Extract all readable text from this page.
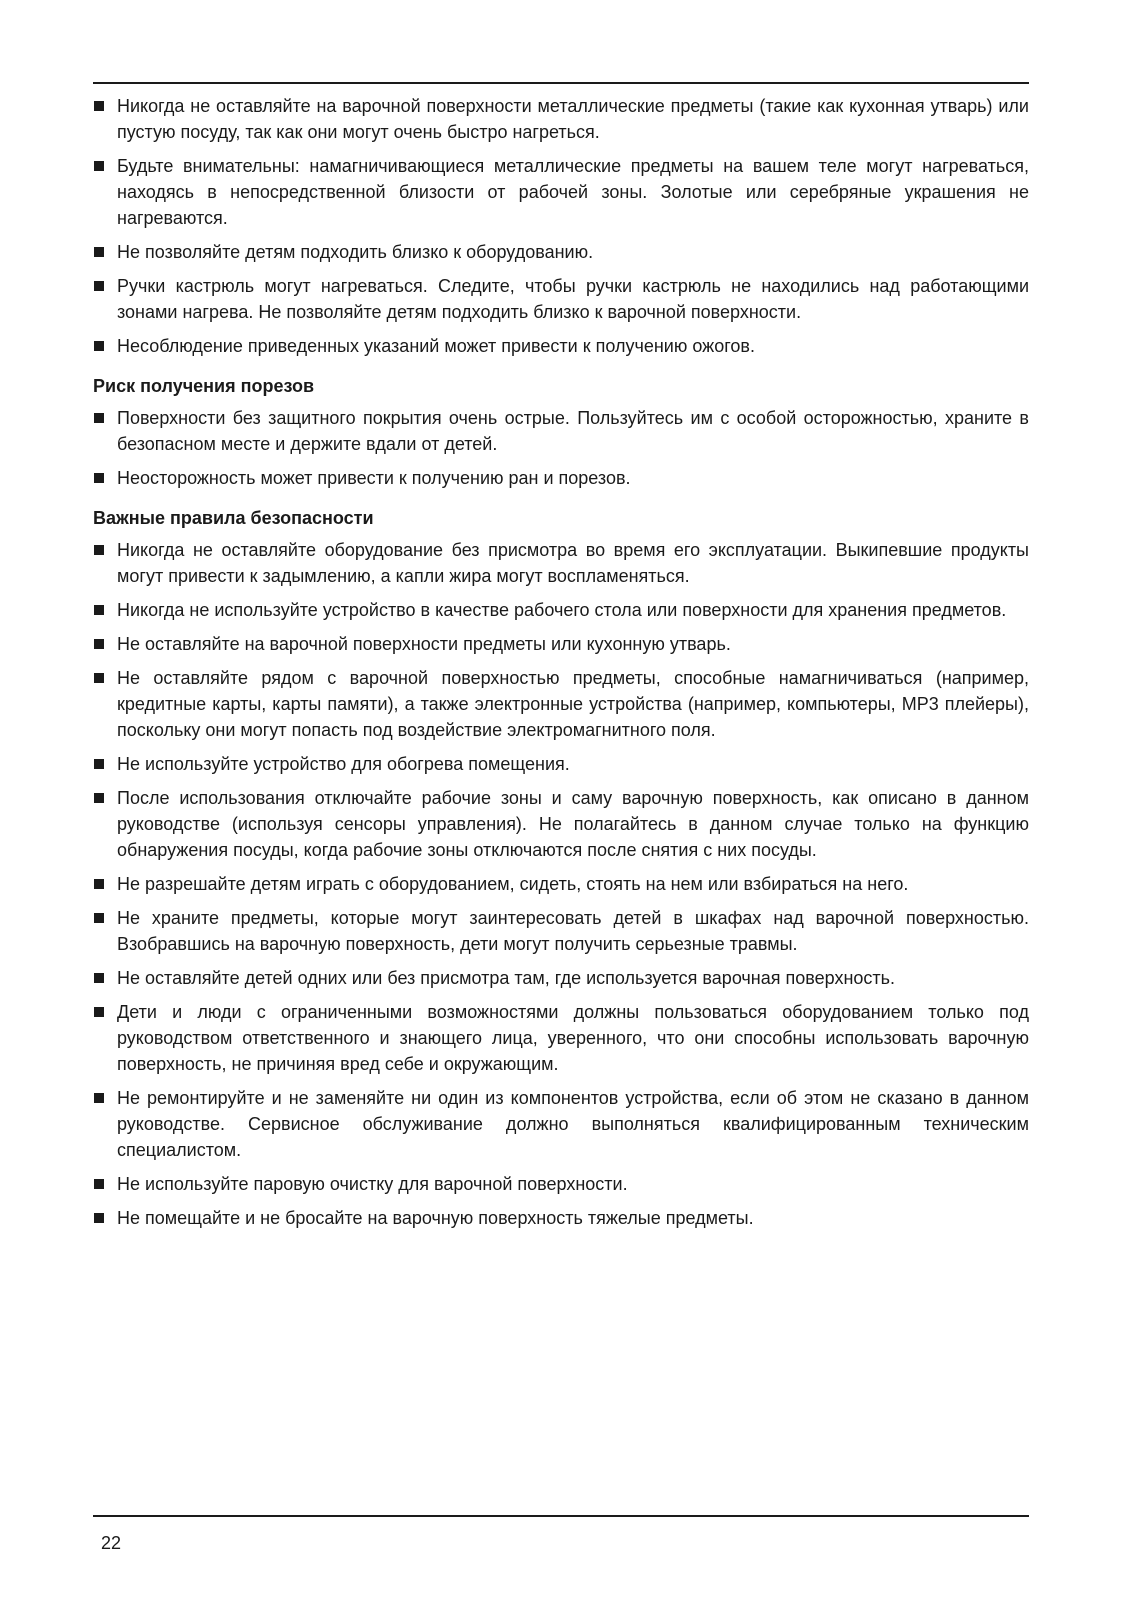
Никогда не оставляйте на варочной поверхности металлические предметы (такие как кухонная утварь) или пустую посуду, так как они могут очень быстро нагреться.
Будьте внимательны: намагничивающиеся металлические предметы на вашем теле могут нагреваться, находясь в непосредственной близости от рабочей зоны. Золотые или серебряные украшения не нагреваются.
Не позволяйте детям подходить близко к оборудованию.
Ручки кастрюль могут нагреваться. Следите, чтобы ручки кастрюль не находились над работающими зонами нагрева. Не позволяйте детям подходить близко к варочной поверхности.
Несоблюдение приведенных указаний может привести к получению ожогов.
Риск получения порезов
Поверхности без защитного покрытия очень острые. Пользуйтесь им с особой осторожностью, храните в безопасном месте и держите вдали от детей.
Неосторожность может привести к получению ран и порезов.
Важные правила безопасности
Никогда не оставляйте оборудование без присмотра во время его эксплуатации. Выкипевшие продукты могут привести к задымлению, а капли жира могут воспламеняться.
Никогда не используйте устройство в качестве рабочего стола или поверхности для хранения предметов.
Не оставляйте на варочной поверхности предметы или кухонную утварь.
Не оставляйте рядом с варочной поверхностью предметы, способные намагничиваться (например, кредитные карты, карты памяти), а также электронные устройства (например, компьютеры, МР3 плейеры), поскольку они могут попасть под воздействие электромагнитного поля.
Не используйте устройство для обогрева помещения.
После использования отключайте рабочие зоны и саму варочную поверхность, как описано в данном руководстве (используя сенсоры управления). Не полагайтесь в данном случае только на функцию обнаружения посуды, когда рабочие зоны отключаются после снятия с них посуды.
Не разрешайте детям играть с оборудованием, сидеть, стоять на нем или взбираться на него.
Не храните предметы, которые могут заинтересовать детей в шкафах над варочной поверхностью. Взобравшись на варочную поверхность, дети могут получить серьезные травмы.
Не оставляйте детей одних или без присмотра там, где используется варочная поверхность.
Дети и люди с ограниченными возможностями должны пользоваться оборудованием только под руководством ответственного и знающего лица, уверенного, что они способны использовать варочную поверхность, не причиняя вред себе и окружающим.
Не ремонтируйте и не заменяйте ни один из компонентов устройства, если об этом не сказано в данном руководстве. Сервисное обслуживание должно выполняться квалифицированным техническим специалистом.
Не используйте паровую очистку для варочной поверхности.
Не помещайте и не бросайте на варочную поверхность тяжелые предметы.
22
